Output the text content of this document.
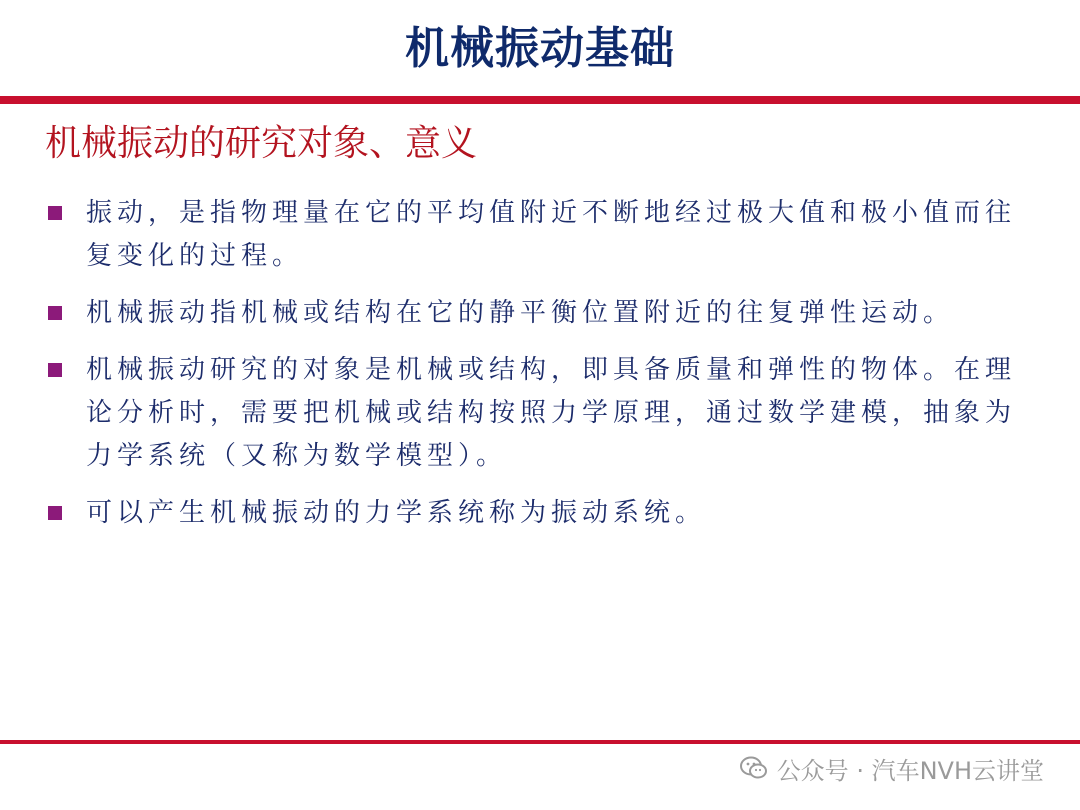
机械振动基础
机械振动的研究对象、意义
振动，是指物理量在它的平均值附近不断地经过极大值和极小值而往复变化的过程。
机械振动指机械或结构在它的静平衡位置附近的往复弹性运动。
机械振动研究的对象是机械或结构，即具备质量和弹性的物体。在理论分析时，需要把机械或结构按照力学原理，通过数学建模，抽象为力学系统（又称为数学模型）。
可以产生机械振动的力学系统称为振动系统。
公众号 · 汽车NVH云讲堂
